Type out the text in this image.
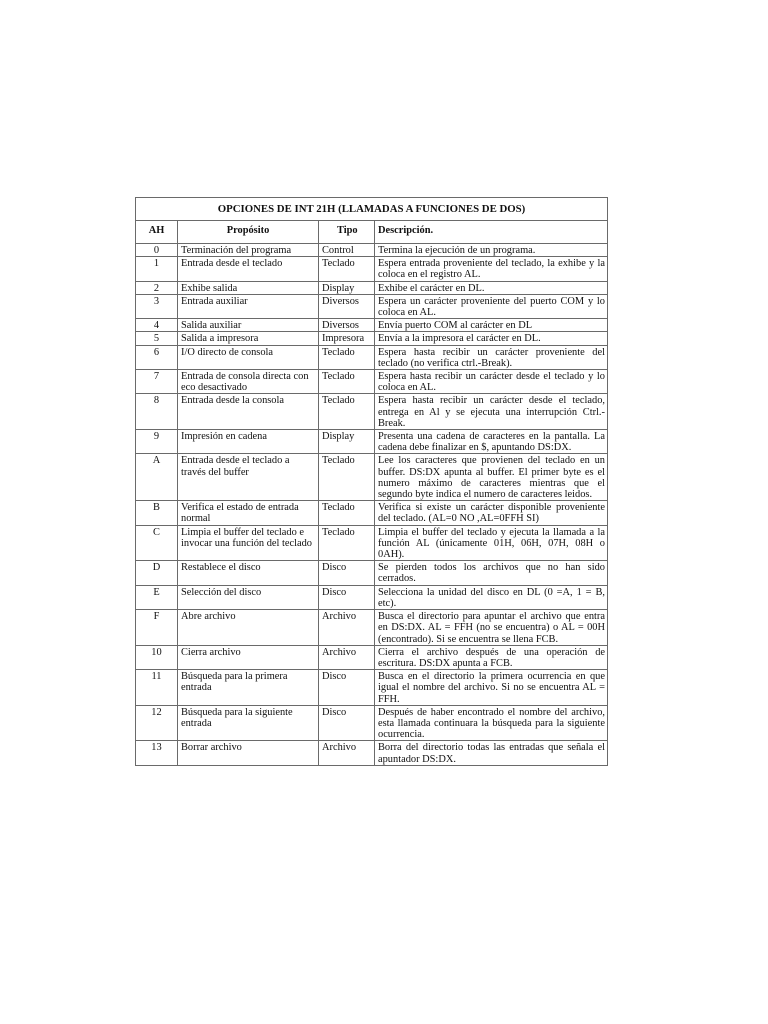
OPCIONES DE INT 21H (LLAMADAS A FUNCIONES DE DOS)			
AH	Propósito	Tipo	Descripción.
0	Terminación del programa	Control	Termina la ejecución de un programa.
1	Entrada desde el teclado	Teclado	Espera entrada proveniente del teclado, la exhibe y la coloca en el registro AL.
2	Exhibe salida	Display	Exhibe el carácter en DL.
3	Entrada auxiliar	Diversos	Espera un carácter proveniente del puerto COM y lo coloca en AL.
4	Salida auxiliar	Diversos	Envía puerto COM al carácter en DL
5	Salida a impresora	Impresora	Envía a la impresora el carácter en DL.
6	I/O directo de consola	Teclado	Espera hasta recibir un carácter proveniente del teclado (no verifica ctrl.-Break).
7	Entrada de consola directa con eco desactivado	Teclado	Espera hasta recibir un carácter desde el teclado y lo coloca en AL.
8	Entrada desde la consola	Teclado	Espera hasta recibir un carácter desde el teclado, entrega en Al y se ejecuta una interrupción Ctrl.-Break.
9	Impresión en cadena	Display	Presenta una cadena de caracteres en la pantalla. La cadena debe finalizar en $, apuntando DS:DX.
A	Entrada desde el teclado a través del buffer	Teclado	Lee los caracteres que provienen del teclado en un buffer. DS:DX apunta al buffer. El primer byte es el numero máximo de caracteres mientras que el segundo byte indica el numero de caracteres leidos.
B	Verifica el estado de entrada normal	Teclado	Verifica si existe un carácter disponible proveniente del teclado. (AL=0 NO ,AL=0FFH SI)
C	Limpia el buffer del teclado e invocar una función del teclado	Teclado	Limpia el buffer del teclado y ejecuta la llamada a la función AL (únicamente 01H, 06H, 07H, 08H o 0AH).
D	Restablece el disco	Disco	Se pierden todos los archivos que no han sido cerrados.
E	Selección del disco	Disco	Selecciona la unidad del disco en DL (0 =A, 1 = B, etc).
F	Abre archivo	Archivo	Busca el directorio para apuntar el archivo que entra en DS:DX. AL = FFH (no se encuentra) o AL = 00H (encontrado). Si se encuentra se llena FCB.
10	Cierra archivo	Archivo	Cierra el archivo después de una operación de escritura. DS:DX apunta a FCB.
11	Búsqueda para la primera entrada	Disco	Busca en el directorio la primera ocurrencia en que igual el nombre del archivo. Si no se encuentra AL = FFH.
12	Búsqueda para la siguiente entrada	Disco	Después de haber encontrado el nombre del archivo, esta llamada continuara la búsqueda para la siguiente ocurrencia.
13	Borrar archivo	Archivo	Borra del directorio todas las entradas que señala el apuntador DS:DX.
